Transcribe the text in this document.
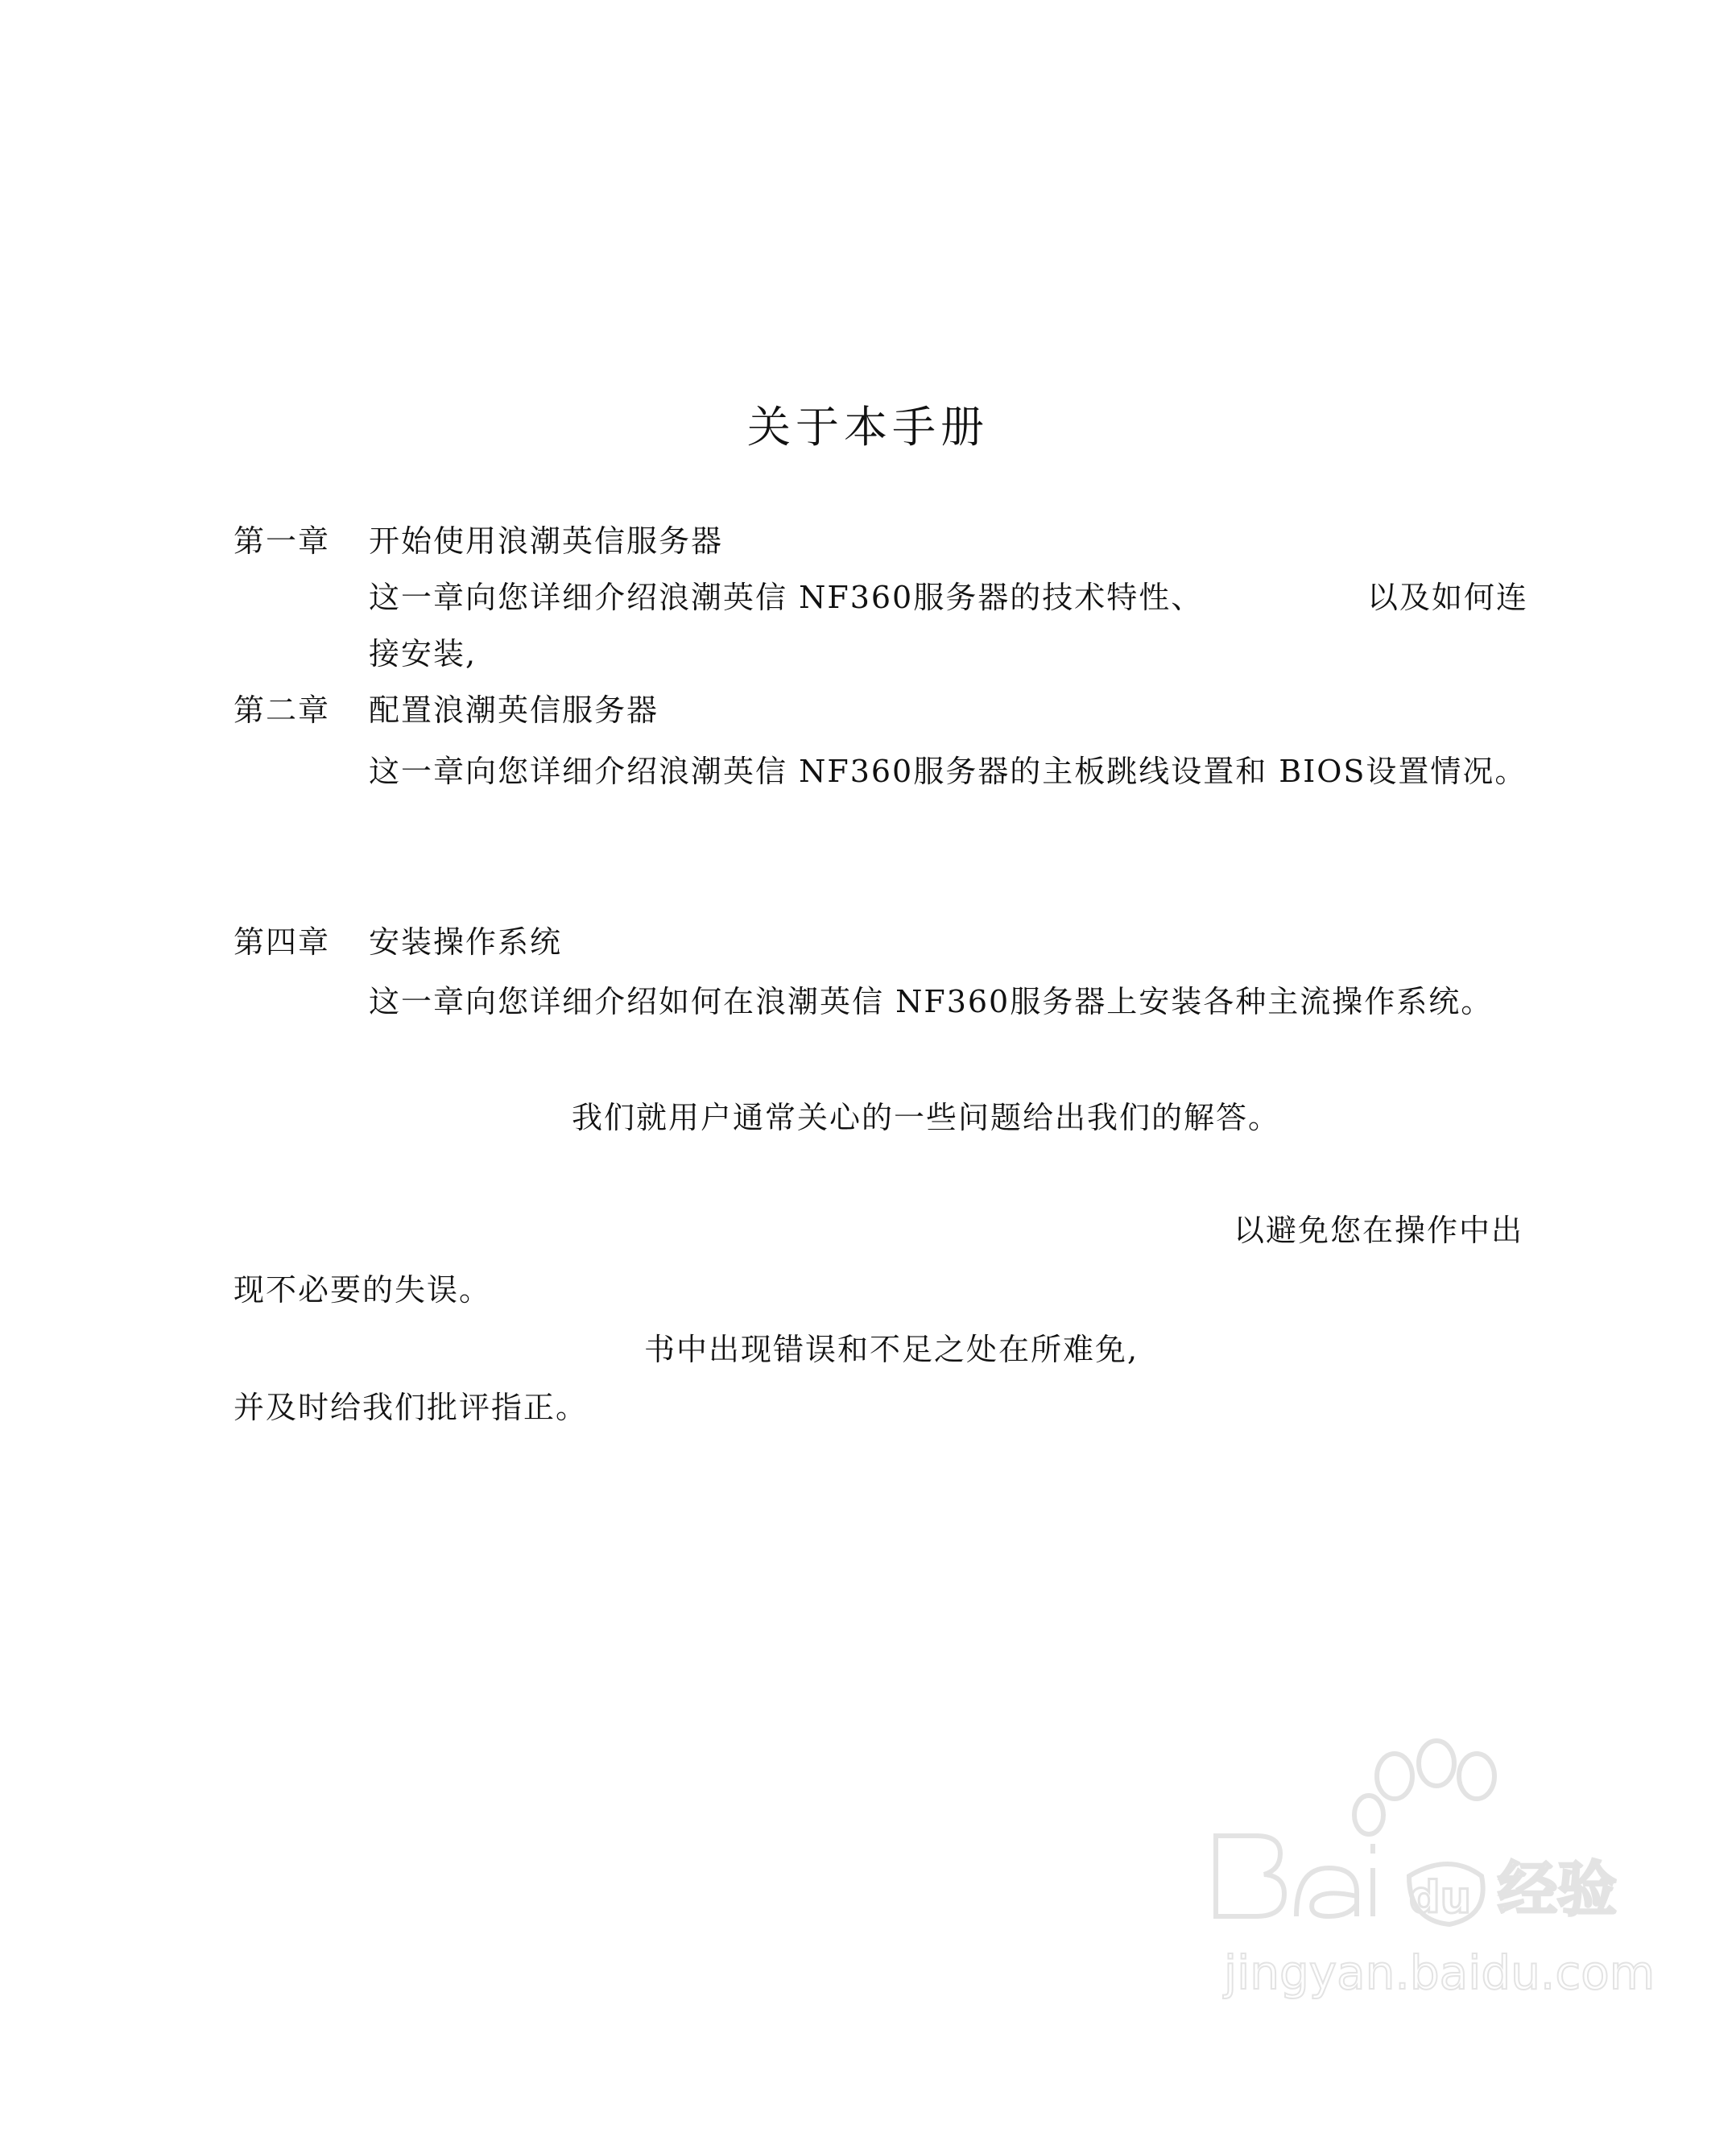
关于本手册
第一章 开始使用浪潮英信服务器
这一章向您详细介绍浪潮英信 NF360服务器的技术特性、	以及如何连
接安装,
第二章 配置浪潮英信服务器
这一章向您详细介绍浪潮英信 NF360服务器的主板跳线设置和 BIOS设置情况。
第四章 安装操作系统
这一章向您详细介绍如何在浪潮英信 NF360服务器上安装各种主流操作系统。
我们就用户通常关心的一些问题给出我们的解答。
以避免您在操作中出
现不必要的失误。
书中出现错误和不足之处在所难免,
并及时给我们批评指正。
du 经验
jingyan.baidu.com
